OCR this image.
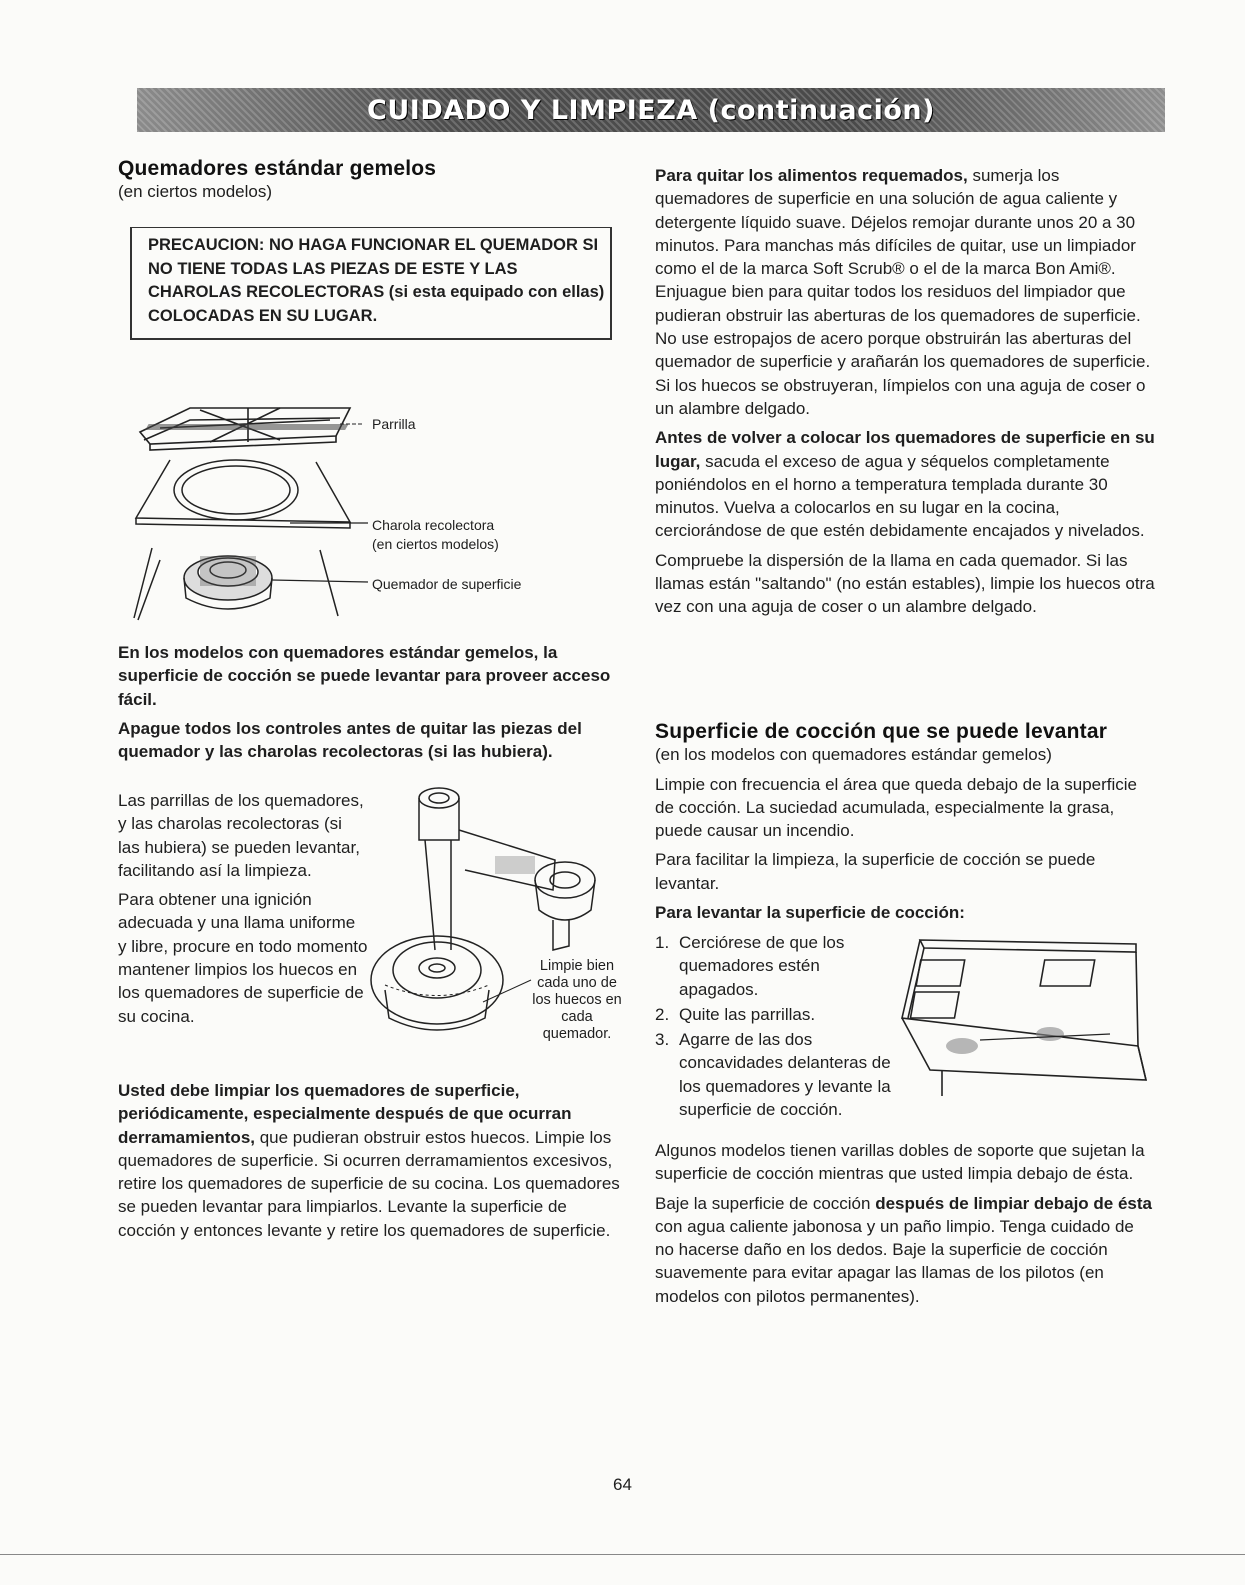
CUIDADO Y LIMPIEZA (continuación)
Quemadores estándar gemelos
(en ciertos modelos)
PRECAUCION: NO HAGA FUNCIONAR EL QUEMADOR SI NO TIENE TODAS LAS PIEZAS DE ESTE Y LAS CHAROLAS RECOLECTORAS (si esta equipado con ellas) COLOCADAS EN SU LUGAR.
Parrilla
Charola recolectora
(en ciertos modelos)
Quemador de superficie

En los modelos con quemadores estándar gemelos, la superficie de cocción se puede levantar para proveer acceso fácil.

Apague todos los controles antes de quitar las piezas del quemador y las charolas recolectoras (si las hubiera).

Las parrillas de los quemadores, y las charolas recolectoras (si las hubiera) se pueden levantar, facilitando así la limpieza.

Para obtener una ignición adecuada y una llama uniforme y libre, procure en todo momento mantener limpios los huecos en los quemadores de superficie de su cocina.

Limpie bien cada uno de los huecos en cada quemador.

Usted debe limpiar los quemadores de superficie, periódicamente, especialmente después de que ocurran derramamientos, que pudieran obstruir estos huecos. Limpie los quemadores de superficie. Si ocurren derramamientos excesivos, retire los quemadores de superficie de su cocina. Los quemadores se pueden levantar para limpiarlos. Levante la superficie de cocción y entonces levante y retire los quemadores de superficie.

Para quitar los alimentos requemados, sumerja los quemadores de superficie en una solución de agua caliente y detergente líquido suave. Déjelos remojar durante unos 20 a 30 minutos. Para manchas más difíciles de quitar, use un limpiador como el de la marca Soft Scrub® o el de la marca Bon Ami®. Enjuague bien para quitar todos los residuos del limpiador que pudieran obstruir las aberturas de los quemadores de superficie. No use estropajos de acero porque obstruirán las aberturas del quemador de superficie y arañarán los quemadores de superficie. Si los huecos se obstruyeran, límpielos con una aguja de coser o un alambre delgado.

Antes de volver a colocar los quemadores de superficie en su lugar, sacuda el exceso de agua y séquelos completamente poniéndolos en el horno a temperatura templada durante 30 minutos. Vuelva a colocarlos en su lugar en la cocina, cerciorándose de que estén debidamente encajados y nivelados.

Compruebe la dispersión de la llama en cada quemador. Si las llamas están "saltando" (no están estables), limpie los huecos otra vez con una aguja de coser o un alambre delgado.

Superficie de cocción que se puede levantar
(en los modelos con quemadores estándar gemelos)

Limpie con frecuencia el área que queda debajo de la superficie de cocción. La suciedad acumulada, especialmente la grasa, puede causar un incendio.

Para facilitar la limpieza, la superficie de cocción se puede levantar.

Para levantar la superficie de cocción:

1. Cerciórese de que los quemadores estén apagados.
2. Quite las parrillas.
3. Agarre de las dos concavidades delanteras de los quemadores y levante la superficie de cocción.

Algunos modelos tienen varillas dobles de soporte que sujetan la superficie de cocción mientras que usted limpia debajo de ésta.

Baje la superficie de cocción después de limpiar debajo de ésta con agua caliente jabonosa y un paño limpio. Tenga cuidado de no hacerse daño en los dedos. Baje la superficie de cocción suavemente para evitar apagar las llamas de los pilotos (en modelos con pilotos permanentes).

64
